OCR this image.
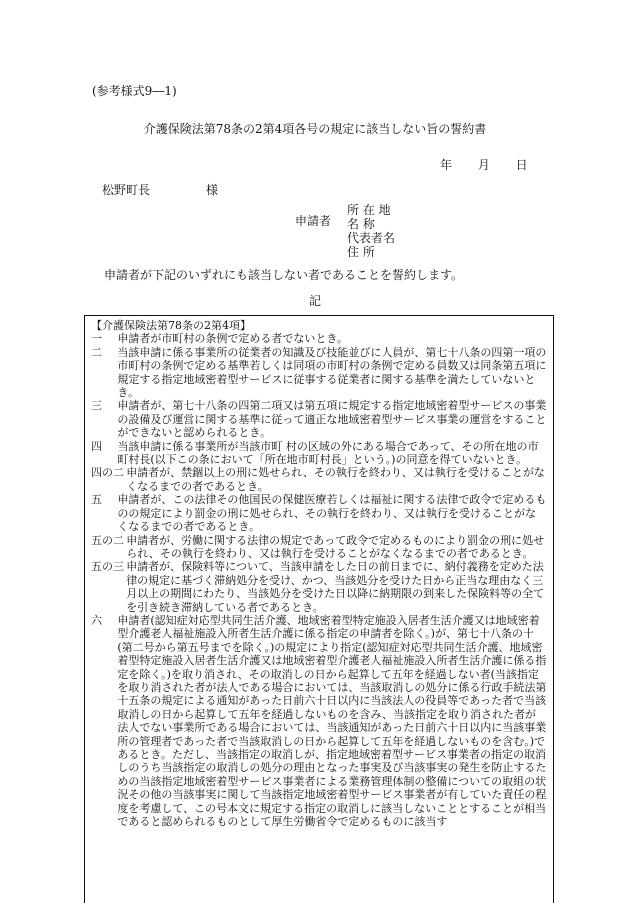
(参考様式9―1)
介護保険法第78条の2第4項各号の規定に該当しない旨の誓約書
年 月 日
松野町長	様
申請者
所 在 地
名 称
代表者名
住 所
申請者が下記のいずれにも該当しない者であることを誓約します。
記
【介護保険法第78条の2第4項】
一 申請者が市町村の条例で定める者でないとき。
二 当該申請に係る事業所の従業者の知識及び技能並びに人員が、第七十八条の四第一項の市町村の条例で定める基準若しくは同項の市町村の条例で定める員数又は同条第五項に規定する指定地域密着型サービスに従事する従業者に関する基準を満たしていないとき。
三 申請者が、第七十八条の四第二項又は第五項に規定する指定地域密着型サービスの事業の設備及び運営に関する基準に従って適正な地域密着型サービス事業の運営をすることができないと認められるとき。
四 当該申請に係る事業所が当該市町 村の区域の外にある場合であって、その所在地の市町村長(以下この条において「所在地市町村長」という。)の同意を得ていないとき。
四の二 申請者が、禁錮以上の刑に処せられ、その執行を終わり、又は執行を受けることがなくなるまでの者であるとき。
五 申請者が、この法律その他国民の保健医療若しくは福祉に関する法律で政令で定めるものの規定により罰金の刑に処せられ、その執行を終わり、又は執行を受けることがなくなるまでの者であるとき。
五の二 申請者が、労働に関する法律の規定であって政令で定めるものにより罰金の刑に処せられ、その執行を終わり、又は執行を受けることがなくなるまでの者であるとき。
五の三 申請者が、保険料等について、当該申請をした日の前日までに、納付義務を定めた法律の規定に基づく滞納処分を受け、かつ、当該処分を受けた日から正当な理由なく三月以上の期間にわたり、当該処分を受けた日以降に納期限の到来した保険料等の全てを引き続き滞納している者であるとき。
六 申請者(認知症対応型共同生活介護、地域密着型特定施設入居者生活介護又は地域密着型介護老人福祉施設入所者生活介護に係る指定の申請者を除く。)が、第七十八条の十(第二号から第五号までを除く。)の規定により指定(認知症対応型共同生活介護、地域密着型特定施設入居者生活介護又は地域密着型介護老人福祉施設入所者生活介護に係る指定を除く。)を取り消され、その取消しの日から起算して五年を経過しない者(当該指定を取り消された者が法人である場合においては、当該取消しの処分に係る行政手続法第十五条の規定による通知があった日前六十日以内に当該法人の役員等であった者で当該取消しの日から起算して五年を経過しないものを含み、当該指定を取り消された者が法人でない事業所である場合においては、当該通知があった日前六十日以内に当該事業所の管理者であった者で当該取消しの日から起算して五年を経過しないものを含む。)であるとき。ただし、当該指定の取消しが、指定地域密着型サービス事業者の指定の取消しのうち当該指定の取消しの処分の理由となった事実及び当該事実の発生を防止するための当該指定地域密着型サービス事業者による業務管理体制の整備についての取組の状況その他の当該事実に関して当該指定地域密着型サービス事業者が有していた責任の程度を考慮して、この号本文に規定する指定の取消しに該当しないこととすることが相当であると認められるものとして厚生労働省令で定めるものに該当す
